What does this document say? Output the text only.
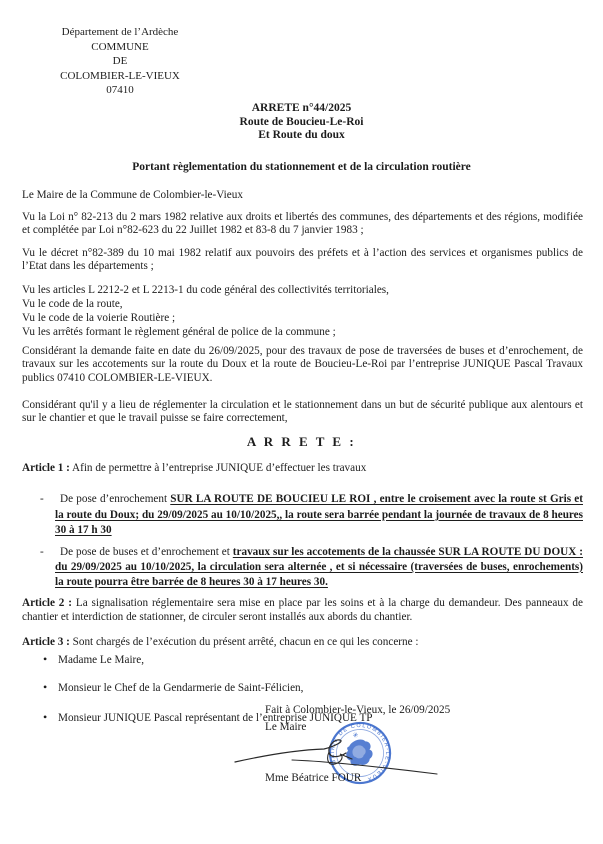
Département de l’Ardèche
COMMUNE
DE
COLOMBIER-LE-VIEUX
07410
ARRETE n°44/2025
Route de Boucieu-Le-Roi
Et Route du doux
Portant règlementation du stationnement et de la circulation routière
Le Maire de la Commune de Colombier-le-Vieux
Vu la Loi n° 82-213 du 2 mars 1982 relative aux droits et libertés des communes, des départements et des régions, modifiée et complétée par Loi n°82-623 du 22 Juillet 1982 et 83-8 du 7 janvier 1983 ;
Vu le décret n°82-389 du 10 mai 1982 relatif aux pouvoirs des préfets et à l’action des services et organismes publics de l’Etat dans les départements ;
Vu les articles L 2212-2 et L 2213-1 du code général des collectivités territoriales,
Vu le code de la route,
Vu le code de la voierie Routière ;
Vu les arrêtés formant le règlement général de police de la commune ;
Considérant la demande faite en date du 26/09/2025, pour des travaux de pose de traversées de buses et d’enrochement, de travaux sur les accotements sur la route du Doux et la route de Boucieu-Le-Roi par l’entreprise JUNIQUE Pascal Travaux publics 07410 COLOMBIER-LE-VIEUX.
Considérant qu'il y a lieu de réglementer la circulation et le stationnement dans un but de sécurité publique aux alentours et sur le chantier et que le travail puisse se faire correctement,
A R R E T E :
Article 1 : Afin de permettre à l’entreprise JUNIQUE d’effectuer les travaux
-
De pose d’enrochement SUR LA ROUTE DE BOUCIEU LE ROI , entre le croisement avec la route st Gris et la route du Doux; du 29/09/2025 au 10/10/2025,, la route sera barrée pendant la journée de travaux de 8 heures 30 à 17 h 30
-
De pose de buses et d’enrochement et travaux sur les accotements de la chaussée SUR LA ROUTE DU DOUX : du 29/09/2025 au 10/10/2025, la circulation sera alternée , et si nécessaire (traversées de buses, enrochements) la route pourra être barrée de 8 heures 30 à 17 heures 30.
Article 2 : La signalisation réglementaire sera mise en place par les soins et à la charge du demandeur. Des panneaux de chantier et interdiction de stationner, de circuler seront installés aux abords du chantier.
Article 3 : Sont chargés de l’exécution du présent arrêté, chacun en ce qui les concerne :
•
Madame Le Maire,
•
Monsieur le Chef de la Gendarmerie de Saint-Félicien,
•
Monsieur JUNIQUE Pascal représentant de l’entreprise JUNIQUE TP
Fait à Colombier-le-Vieux, le 26/09/2025
Le Maire
Mme Béatrice FOUR
MAIRIE DE COLOMBIER-LE-VIEUX
✳
